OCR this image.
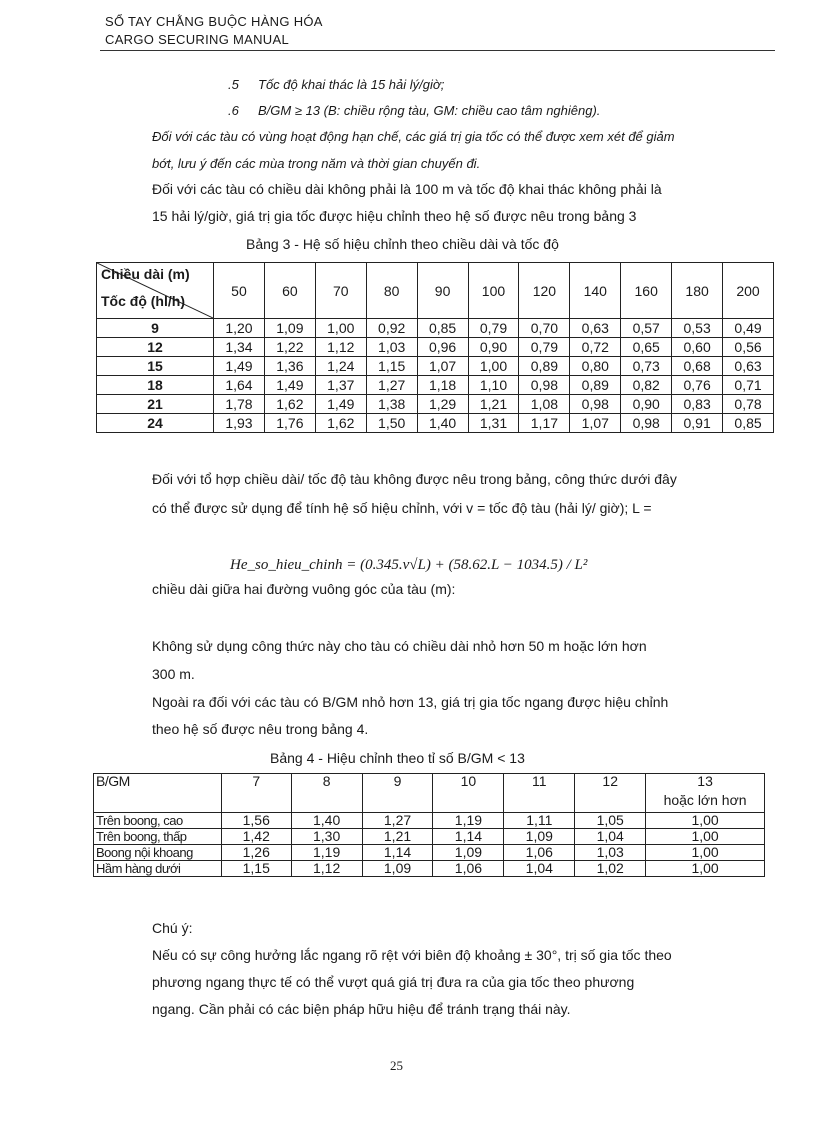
SỔ TAY CHẰNG BUỘC HÀNG HÓA
CARGO SECURING MANUAL
.5 Tốc độ khai thác là 15 hải lý/giờ;
.6 B/GM ≥ 13 (B: chiều rộng tàu, GM: chiều cao tâm nghiêng).
Đối với các tàu có vùng hoạt động hạn chế, các giá trị gia tốc có thể được xem xét để giảm
bớt, lưu ý đến các mùa trong năm và thời gian chuyến đi.
Đối với các tàu có chiều dài không phải là 100 m và tốc độ khai thác không phải là
15 hải lý/giờ, giá trị gia tốc được hiệu chỉnh theo hệ số được nêu trong bảng 3
Bảng 3 - Hệ số hiệu chỉnh theo chiều dài và tốc độ
Chiều dài (m)
Tốc độ (hl/h)	50	60	70	80	90	100	120	140	160	180	200
9	1,20	1,09	1,00	0,92	0,85	0,79	0,70	0,63	0,57	0,53	0,49
12	1,34	1,22	1,12	1,03	0,96	0,90	0,79	0,72	0,65	0,60	0,56
15	1,49	1,36	1,24	1,15	1,07	1,00	0,89	0,80	0,73	0,68	0,63
18	1,64	1,49	1,37	1,27	1,18	1,10	0,98	0,89	0,82	0,76	0,71
21	1,78	1,62	1,49	1,38	1,29	1,21	1,08	0,98	0,90	0,83	0,78
24	1,93	1,76	1,62	1,50	1,40	1,31	1,17	1,07	0,98	0,91	0,85
Đối với tổ hợp chiều dài/ tốc độ tàu không được nêu trong bảng, công thức dưới đây
có thể được sử dụng để tính hệ số hiệu chỉnh, với v = tốc độ tàu (hải lý/ giờ); L =
He_so_hieu_chinh = (0.345.v√L) + (58.62.L − 1034.5) / L²
chiều dài giữa hai đường vuông góc của tàu (m):
Không sử dụng công thức này cho tàu có chiều dài nhỏ hơn 50 m hoặc lớn hơn
300 m.
Ngoài ra đối với các tàu có B/GM nhỏ hơn 13, giá trị gia tốc ngang được hiệu chỉnh
theo hệ số được nêu trong bảng 4.
Bảng 4 - Hiệu chỉnh theo tỉ số B/GM < 13
B/GM	7	8	9	10	11	12	13
hoặc lớn hơn

Trên boong, cao	1,56	1,40	1,27	1,19	1,11	1,05	1,00
Trên boong, thấp	1,42	1,30	1,21	1,14	1,09	1,04	1,00
Boong nội khoang	1,26	1,19	1,14	1,09	1,06	1,03	1,00
Hầm hàng dưới	1,15	1,12	1,09	1,06	1,04	1,02	1,00
Chú ý:
Nếu có sự công hưởng lắc ngang rõ rệt với biên độ khoảng ± 30°, trị số gia tốc theo
phương ngang thực tế có thể vượt quá giá trị đưa ra của gia tốc theo phương
ngang. Cần phải có các biện pháp hữu hiệu để tránh trạng thái này.
25
